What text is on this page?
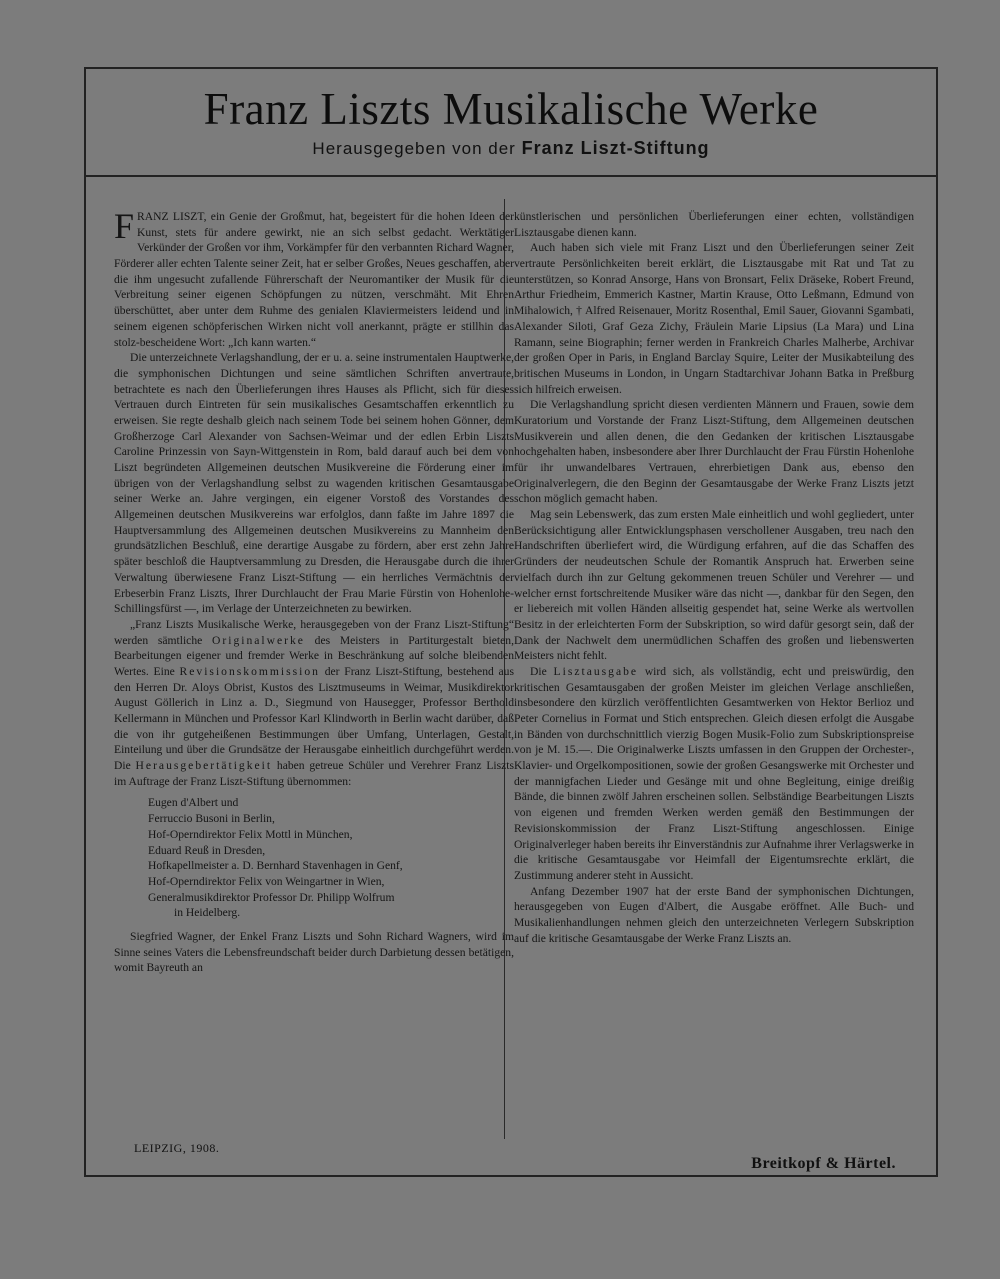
Franz Liszts Musikalische Werke
Herausgegeben von der Franz Liszt-Stiftung

FRANZ LISZT, ein Genie der Großmut, hat, begeistert für die hohen Ideen der Kunst, stets für andere gewirkt, nie an sich selbst gedacht. Werktätiger Verkünder der Großen vor ihm, Vorkämpfer für den verbannten Richard Wagner, Förderer aller echten Talente seiner Zeit, hat er selber Großes, Neues geschaffen, aber die ihm ungesucht zufallende Führerschaft der Neuromantiker der Musik für die Verbreitung seiner eigenen Schöpfungen zu nützen, verschmäht. Mit Ehren überschüttet, aber unter dem Ruhme des genialen Klaviermeisters leidend und in seinem eigenen schöpferischen Wirken nicht voll anerkannt, prägte er stillhin das stolz-bescheidene Wort: „Ich kann warten.“

Die unterzeichnete Verlagshandlung, der er u. a. seine instrumentalen Hauptwerke, die symphonischen Dichtungen und seine sämtlichen Schriften anvertraute, betrachtete es nach den Überlieferungen ihres Hauses als Pflicht, sich für dieses Vertrauen durch Eintreten für sein musikalisches Gesamtschaffen erkenntlich zu erweisen. Sie regte deshalb gleich nach seinem Tode bei seinem hohen Gönner, dem Großherzoge Carl Alexander von Sachsen-Weimar und der edlen Erbin Liszts Caroline Prinzessin von Sayn-Wittgenstein in Rom, bald darauf auch bei dem von Liszt begründeten Allgemeinen deutschen Musikvereine die Förderung einer im übrigen von der Verlagshandlung selbst zu wagenden kritischen Gesamtausgabe seiner Werke an. Jahre vergingen, ein eigener Vorstoß des Vorstandes des Allgemeinen deutschen Musikvereins war erfolglos, dann faßte im Jahre 1897 die Hauptversammlung des Allgemeinen deutschen Musikvereins zu Mannheim den grundsätzlichen Beschluß, eine derartige Ausgabe zu fördern, aber erst zehn Jahre später beschloß die Hauptversammlung zu Dresden, die Herausgabe durch die ihrer Verwaltung überwiesene Franz Liszt-Stiftung — ein herrliches Vermächtnis der Erbeserbin Franz Liszts, Ihrer Durchlaucht der Frau Marie Fürstin von Hohenlohe-Schillingsfürst —, im Verlage der Unterzeichneten zu bewirken.

„Franz Liszts Musikalische Werke, herausgegeben von der Franz Liszt-Stiftung“ werden sämtliche Originalwerke des Meisters in Partiturgestalt bieten, Bearbeitungen eigener und fremder Werke in Beschränkung auf solche bleibenden Wertes. Eine Revisionskommission der Franz Liszt-Stiftung, bestehend aus den Herren Dr. Aloys Obrist, Kustos des Lisztmuseums in Weimar, Musikdirektor August Göllerich in Linz a. D., Siegmund von Hausegger, Professor Berthold Kellermann in München und Professor Karl Klindworth in Berlin wacht darüber, daß die von ihr gutgeheißenen Bestimmungen über Umfang, Unterlagen, Gestalt, Einteilung und über die Grundsätze der Herausgabe einheitlich durchgeführt werden. Die Herausgebertätigkeit haben getreue Schüler und Verehrer Franz Liszts im Auftrage der Franz Liszt-Stiftung übernommen:

Eugen d'Albert und
Ferruccio Busoni in Berlin,
Hof-Operndirektor Felix Mottl in München,
Eduard Reuß in Dresden,
Hofkapellmeister a. D. Bernhard Stavenhagen in Genf,
Hof-Operndirektor Felix von Weingartner in Wien,
Generalmusikdirektor Professor Dr. Philipp Wolfrum
in Heidelberg.

Siegfried Wagner, der Enkel Franz Liszts und Sohn Richard Wagners, wird im Sinne seines Vaters die Lebensfreundschaft beider durch Darbietung dessen betätigen, womit Bayreuth an

künstlerischen und persönlichen Überlieferungen einer echten, vollständigen Lisztausgabe dienen kann.

Auch haben sich viele mit Franz Liszt und den Überlieferungen seiner Zeit vertraute Persönlichkeiten bereit erklärt, die Lisztausgabe mit Rat und Tat zu unterstützen, so Konrad Ansorge, Hans von Bronsart, Felix Dräseke, Robert Freund, Arthur Friedheim, Emmerich Kastner, Martin Krause, Otto Leßmann, Edmund von Mihalowich, † Alfred Reisenauer, Moritz Rosenthal, Emil Sauer, Giovanni Sgambati, Alexander Siloti, Graf Geza Zichy, Fräulein Marie Lipsius (La Mara) und Lina Ramann, seine Biographin; ferner werden in Frankreich Charles Malherbe, Archivar der großen Oper in Paris, in England Barclay Squire, Leiter der Musikabteilung des britischen Museums in London, in Ungarn Stadtarchivar Johann Batka in Preßburg sich hilfreich erweisen.

Die Verlagshandlung spricht diesen verdienten Männern und Frauen, sowie dem Kuratorium und Vorstande der Franz Liszt-Stiftung, dem Allgemeinen deutschen Musikverein und allen denen, die den Gedanken der kritischen Lisztausgabe hochgehalten haben, insbesondere aber Ihrer Durchlaucht der Frau Fürstin Hohenlohe für ihr unwandelbares Vertrauen, ehrerbietigen Dank aus, ebenso den Originalverlegern, die den Beginn der Gesamtausgabe der Werke Franz Liszts jetzt schon möglich gemacht haben.

Mag sein Lebenswerk, das zum ersten Male einheitlich und wohl gegliedert, unter Berücksichtigung aller Entwicklungsphasen verschollener Ausgaben, treu nach den Handschriften überliefert wird, die Würdigung erfahren, auf die das Schaffen des Gründers der neudeutschen Schule der Romantik Anspruch hat. Erwerben seine vielfach durch ihn zur Geltung gekommenen treuen Schüler und Verehrer — und welcher ernst fortschreitende Musiker wäre das nicht —, dankbar für den Segen, den er liebereich mit vollen Händen allseitig gespendet hat, seine Werke als wertvollen Besitz in der erleichterten Form der Subskription, so wird dafür gesorgt sein, daß der Dank der Nachwelt dem unermüdlichen Schaffen des großen und liebenswerten Meisters nicht fehlt.

Die Lisztausgabe wird sich, als vollständig, echt und preiswürdig, den kritischen Gesamtausgaben der großen Meister im gleichen Verlage anschließen, insbesondere den kürzlich veröffentlichten Gesamtwerken von Hektor Berlioz und Peter Cornelius in Format und Stich entsprechen. Gleich diesen erfolgt die Ausgabe in Bänden von durchschnittlich vierzig Bogen Musik-Folio zum Subskriptionspreise von je M. 15.—. Die Originalwerke Liszts umfassen in den Gruppen der Orchester-, Klavier- und Orgelkompositionen, sowie der großen Gesangswerke mit Orchester und der mannigfachen Lieder und Gesänge mit und ohne Begleitung, einige dreißig Bände, die binnen zwölf Jahren erscheinen sollen. Selbständige Bearbeitungen Liszts von eigenen und fremden Werken werden gemäß den Bestimmungen der Revisionskommission der Franz Liszt-Stiftung angeschlossen. Einige Originalverleger haben bereits ihr Einverständnis zur Aufnahme ihrer Verlagswerke in die kritische Gesamtausgabe vor Heimfall der Eigentumsrechte erklärt, die Zustimmung anderer steht in Aussicht.

Anfang Dezember 1907 hat der erste Band der symphonischen Dichtungen, herausgegeben von Eugen d'Albert, die Ausgabe eröffnet. Alle Buch- und Musikalienhandlungen nehmen gleich den unterzeichneten Verlegern Subskription auf die kritische Gesamtausgabe der Werke Franz Liszts an.

LEIPZIG, 1908.
Breitkopf & Härtel.
